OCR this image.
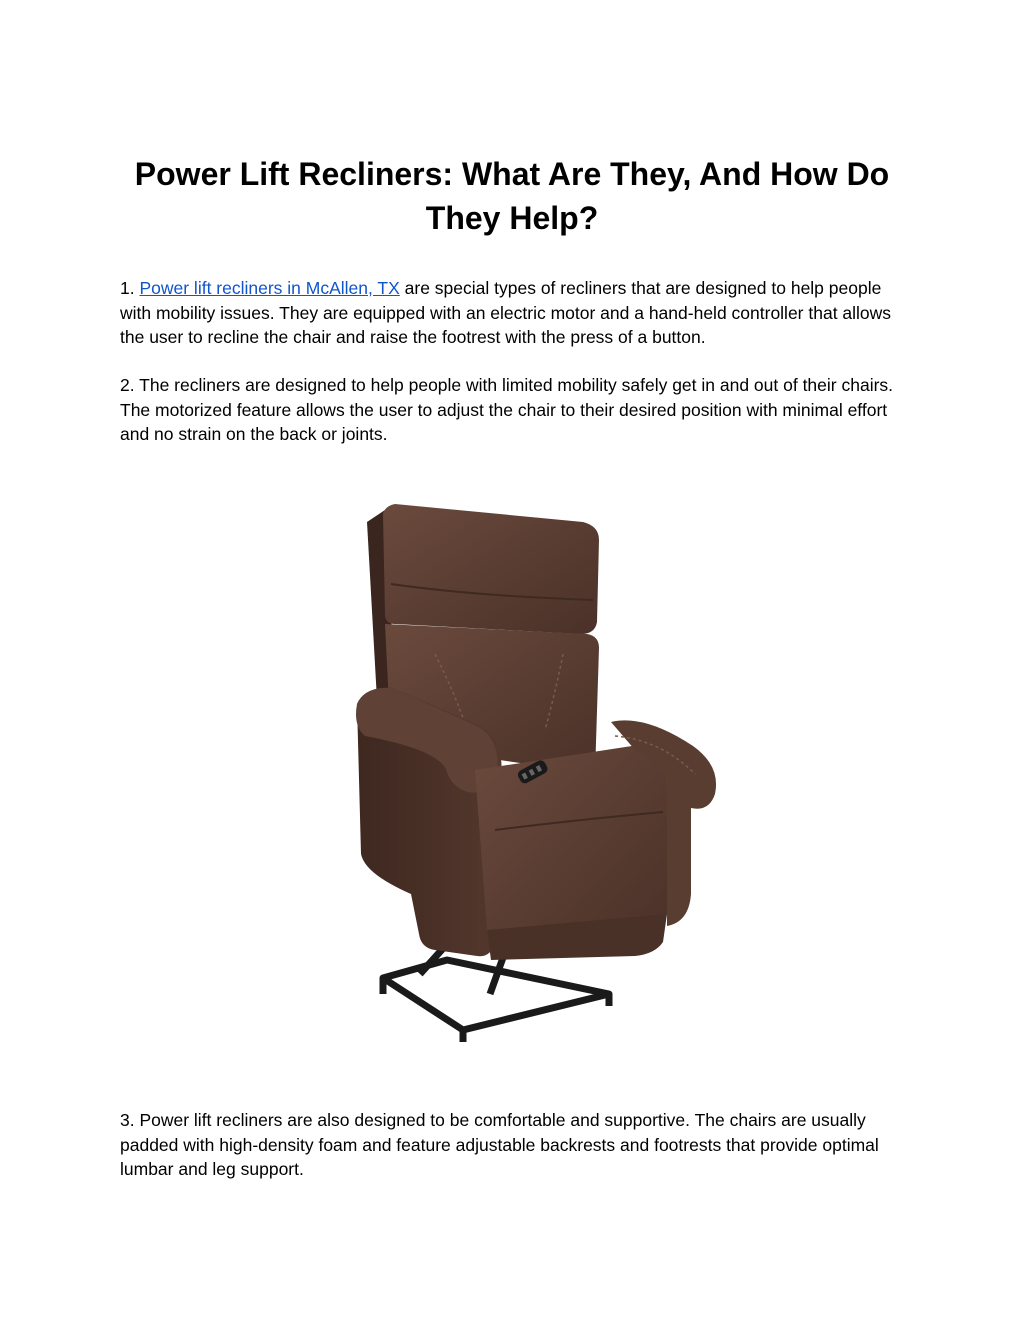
Power Lift Recliners: What Are They, And How Do They Help?

1. Power lift recliners in McAllen, TX are special types of recliners that are designed to help people with mobility issues. They are equipped with an electric motor and a hand-held controller that allows the user to recline the chair and raise the footrest with the press of a button.

2. The recliners are designed to help people with limited mobility safely get in and out of their chairs. The motorized feature allows the user to adjust the chair to their desired position with minimal effort and no strain on the back or joints.

3. Power lift recliners are also designed to be comfortable and supportive. The chairs are usually padded with high-density foam and feature adjustable backrests and footrests that provide optimal lumbar and leg support.
